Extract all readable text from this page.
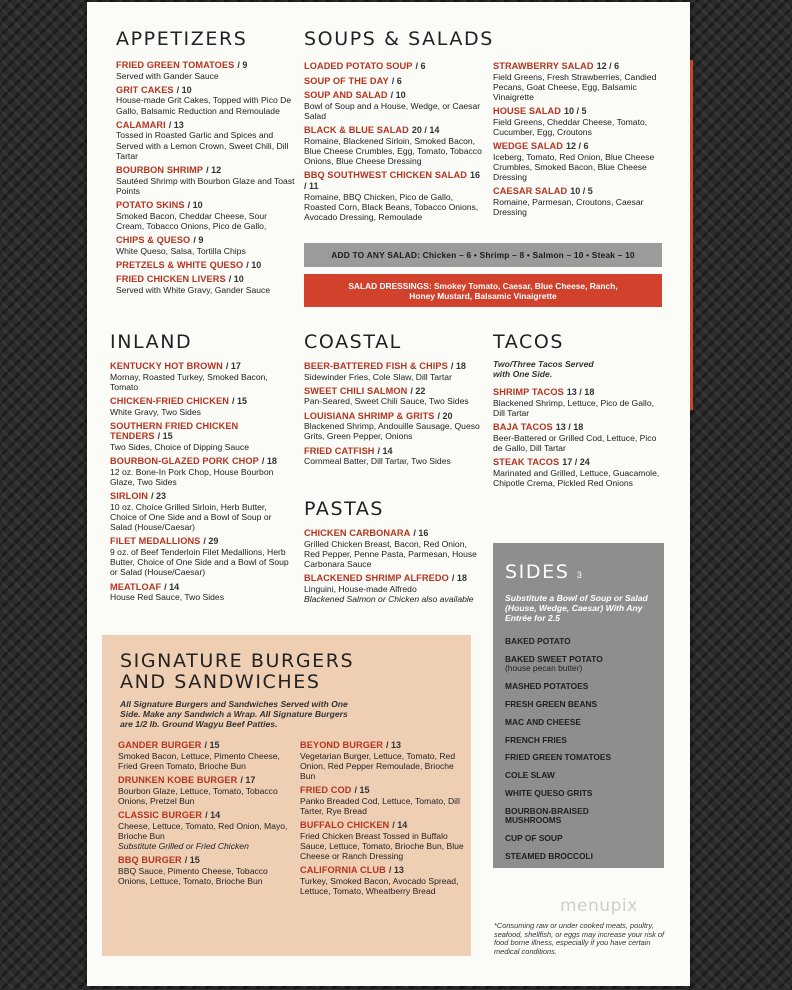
APPETIZERS
FRIED GREEN TOMATOES / 9
Served with Gander Sauce
GRIT CAKES / 10
House-made Grit Cakes, Topped with Pico De Gallo, Balsamic Reduction and Remoulade
CALAMARI / 13
Tossed in Roasted Garlic and Spices and Served with a Lemon Crown, Sweet Chili, Dill Tartar
BOURBON SHRIMP / 12
Sautéed Shrimp with Bourbon Glaze and Toast Points
POTATO SKINS / 10
Smoked Bacon, Cheddar Cheese, Sour Cream, Tobacco Onions, Pico de Gallo,
CHIPS & QUESO / 9
White Queso, Salsa, Tortilla Chips
PRETZELS & WHITE QUESO / 10
FRIED CHICKEN LIVERS / 10
Served with White Gravy, Gander Sauce
SOUPS & SALADS
LOADED POTATO SOUP / 6
SOUP OF THE DAY / 6
SOUP AND SALAD / 10
Bowl of Soup and a House, Wedge, or Caesar Salad
BLACK & BLUE SALAD 20 / 14
Romaine, Blackened Sirloin, Smoked Bacon, Blue Cheese Crumbles, Egg, Tomato, Tobacco Onions, Blue Cheese Dressing
BBQ SOUTHWEST CHICKEN SALAD 16 / 11
Romaine, BBQ Chicken, Pico de Gallo, Roasted Corn, Black Beans, Tobacco Onions, Avocado Dressing, Remoulade
STRAWBERRY SALAD 12 / 6
Field Greens, Fresh Strawberries, Candied Pecans, Goat Cheese, Egg, Balsamic Vinaigrette
HOUSE SALAD 10 / 5
Field Greens, Cheddar Cheese, Tomato, Cucumber, Egg, Croutons
WEDGE SALAD 12 / 6
Iceberg, Tomato, Red Onion, Blue Cheese Crumbles, Smoked Bacon, Blue Cheese Dressing
CAESAR SALAD 10 / 5
Romaine, Parmesan, Croutons, Caesar Dressing
ADD TO ANY SALAD: Chicken – 6 • Shrimp – 8 • Salmon – 10 • Steak – 10
SALAD DRESSINGS: Smokey Tomato, Caesar, Blue Cheese, Ranch,
Honey Mustard, Balsamic Vinaigrette
INLAND
KENTUCKY HOT BROWN / 17
Mornay, Roasted Turkey, Smoked Bacon, Tomato
CHICKEN-FRIED CHICKEN / 15
White Gravy, Two Sides
SOUTHERN FRIED CHICKEN TENDERS / 15
Two Sides, Choice of Dipping Sauce
BOURBON-GLAZED PORK CHOP / 18
12 oz. Bone-In Pork Chop, House Bourbon Glaze, Two Sides
SIRLOIN / 23
10 oz. Choice Grilled Sirloin, Herb Butter, Choice of One Side and a Bowl of Soup or Salad (House/Caesar)
FILET MEDALLIONS / 29
9 oz. of Beef Tenderloin Filet Medallions, Herb Butter, Choice of One Side and a Bowl of Soup or Salad (House/Caesar)
MEATLOAF / 14
House Red Sauce, Two Sides
COASTAL
BEER-BATTERED FISH & CHIPS / 18
Sidewinder Fries, Cole Slaw, Dill Tartar
SWEET CHILI SALMON / 22
Pan-Seared, Sweet Chili Sauce, Two Sides
LOUISIANA SHRIMP & GRITS / 20
Blackened Shrimp, Andouille Sausage, Queso Grits, Green Pepper, Onions
FRIED CATFISH / 14
Cornmeal Batter, Dill Tartar, Two Sides
PASTAS
CHICKEN CARBONARA / 16
Grilled Chicken Breast, Bacon, Red Onion, Red Pepper, Penne Pasta, Parmesan, House Carbonara Sauce
BLACKENED SHRIMP ALFREDO / 18
Linguini, House-made Alfredo
Blackened Salmon or Chicken also available
TACOS
Two/Three Tacos Served with One Side.
SHRIMP TACOS 13 / 18
Blackened Shrimp, Lettuce, Pico de Gallo, Dill Tartar
BAJA TACOS 13 / 18
Beer-Battered or Grilled Cod, Lettuce, Pico de Gallo, Dill Tartar
STEAK TACOS 17 / 24
Marinated and Grilled, Lettuce, Guacamole, Chipotle Crema, Pickled Red Onions
SIDES 3
Substitute a Bowl of Soup or Salad (House, Wedge, Caesar) With Any Entrée for 2.5
BAKED POTATO
BAKED SWEET POTATO
(house pecan butter)
MASHED POTATOES
FRESH GREEN BEANS
MAC AND CHEESE
FRENCH FRIES
FRIED GREEN TOMATOES
COLE SLAW
WHITE QUESO GRITS
BOURBON-BRAISED MUSHROOMS
CUP OF SOUP
STEAMED BROCCOLI
SIGNATURE BURGERS
AND SANDWICHES
All Signature Burgers and Sandwiches Served with One Side. Make any Sandwich a Wrap. All Signature Burgers are 1/2 lb. Ground Wagyu Beef Patties.
GANDER BURGER / 15
Smoked Bacon, Lettuce, Pimento Cheese, Fried Green Tomato, Brioche Bun
DRUNKEN KOBE BURGER / 17
Bourbon Glaze, Lettuce, Tomato, Tobacco Onions, Pretzel Bun
CLASSIC BURGER / 14
Cheese, Lettuce, Tomato, Red Onion, Mayo, Brioche Bun
Substitute Grilled or Fried Chicken
BBQ BURGER / 15
BBQ Sauce, Pimento Cheese, Tobacco Onions, Lettuce, Tomato, Brioche Bun
BEYOND BURGER / 13
Vegetarian Burger, Lettuce, Tomato, Red Onion, Red Pepper Remoulade, Brioche Bun
FRIED COD / 15
Panko Breaded Cod, Lettuce, Tomato, Dill Tarter, Rye Bread
BUFFALO CHICKEN / 14
Fried Chicken Breast Tossed in Buffalo Sauce, Lettuce, Tomato, Brioche Bun, Blue Cheese or Ranch Dressing
CALIFORNIA CLUB / 13
Turkey, Smoked Bacon, Avocado Spread, Lettuce, Tomato, Wheatberry Bread
menupix
*Consuming raw or under cooked meats, poultry, seafood, shellfish, or eggs may increase your risk of food borne illness, especially if you have certain medical conditions.
